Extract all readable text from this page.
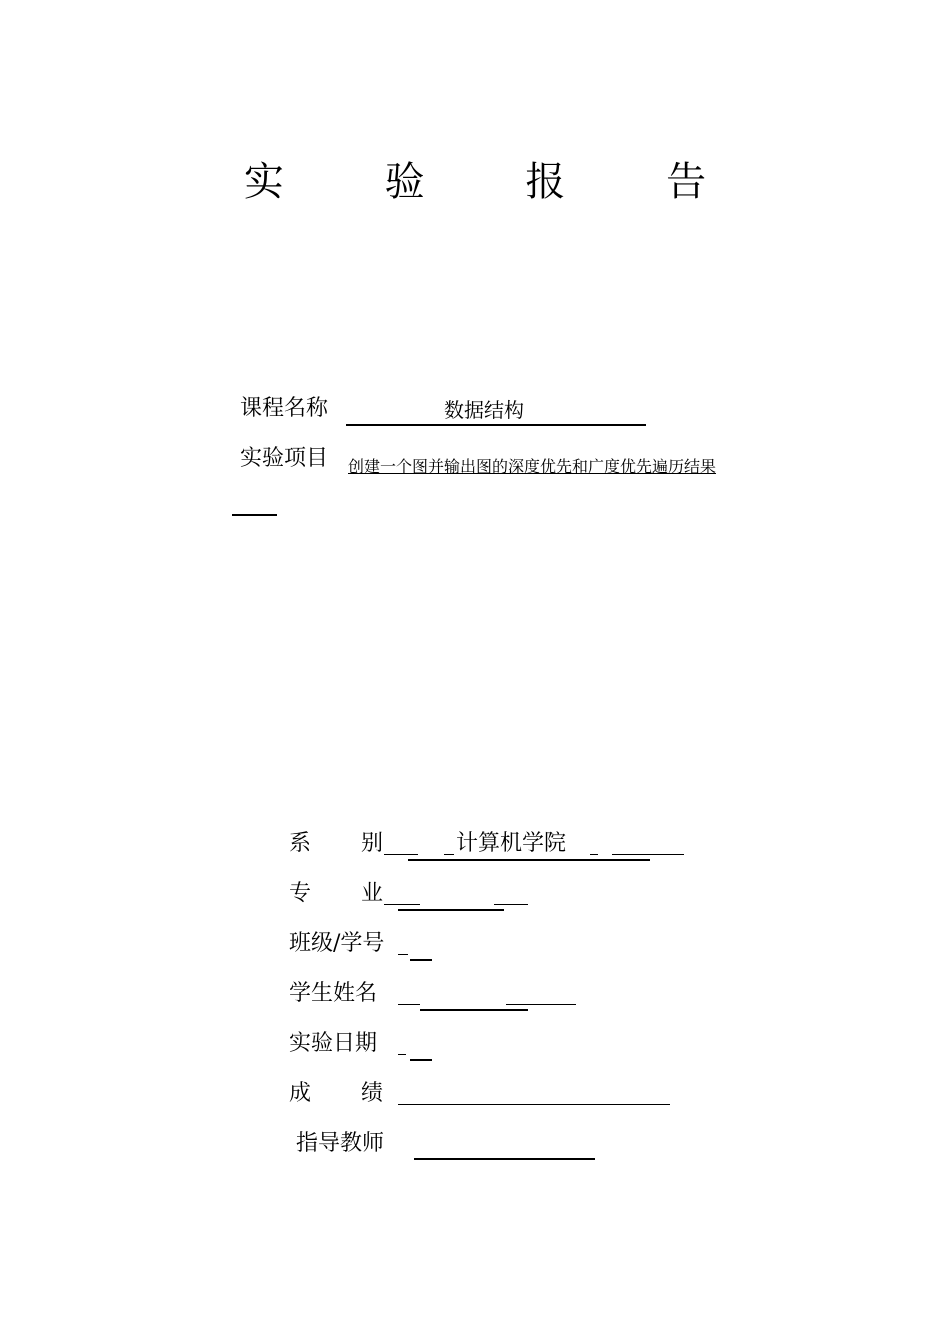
实 验 报 告
课程名称	数据结构
实验项目 创建一个图并输出图的深度优先和广度优先遍历结果
系 别	计算机学院
专 业
班级/学号
学生姓名
实验日期
成 绩
指导教师
